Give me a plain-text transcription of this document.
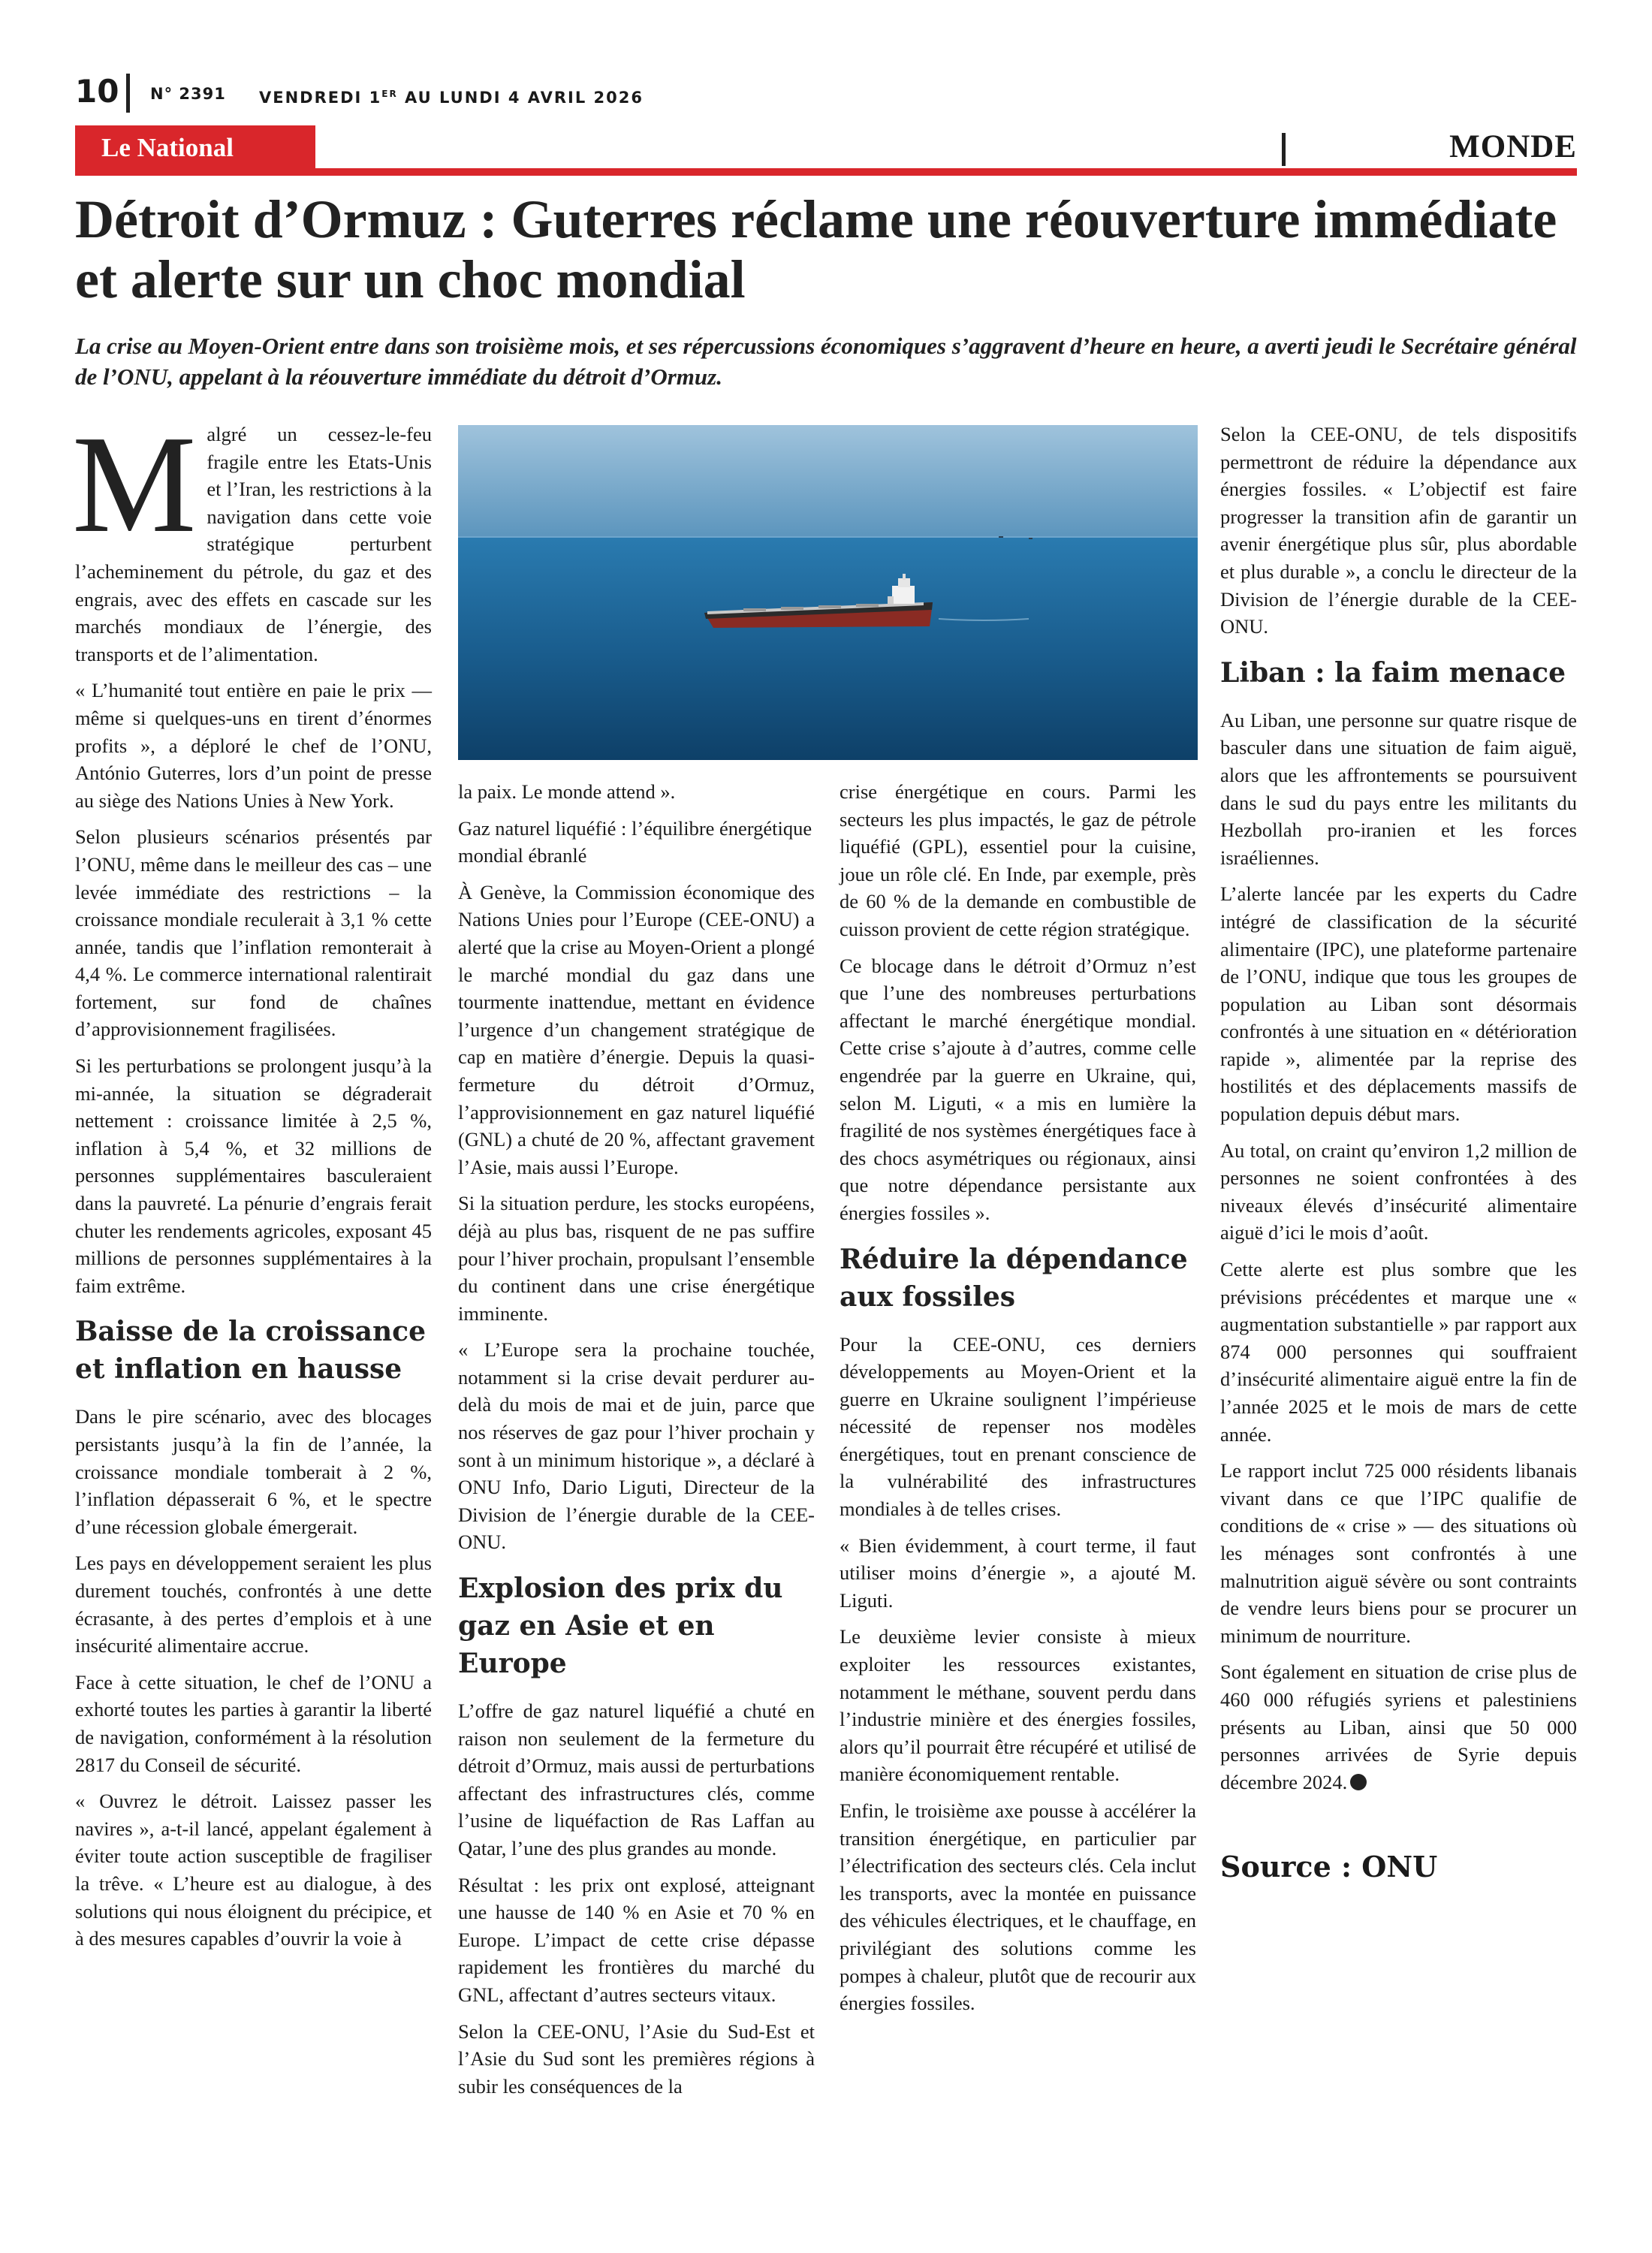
10 N° 2391 VENDREDI 1ER AU LUNDI 4 AVRIL 2026
Le National	MONDE
Détroit d’Ormuz : Guterres réclame une réouverture immédiate et alerte sur un choc mondial

La crise au Moyen-Orient entre dans son troisième mois, et ses répercussions économiques s’aggravent d’heure en heure, a averti jeudi le Secrétaire général de l’ONU, appelant à la réouverture immédiate du détroit d’Ormuz.

Malgré un cessez-le-feu fragile entre les Etats-Unis et l’Iran, les restrictions à la navigation dans cette voie stratégique perturbent l’acheminement du pétrole, du gaz et des engrais, avec des effets en cascade sur les marchés mondiaux de l’énergie, des transports et de l’alimentation.

« L’humanité tout entière en paie le prix — même si quelques-uns en tirent d’énormes profits », a déploré le chef de l’ONU, António Guterres, lors d’un point de presse au siège des Nations Unies à New York.

Selon plusieurs scénarios présentés par l’ONU, même dans le meilleur des cas – une levée immédiate des restrictions – la croissance mondiale reculerait à 3,1 % cette année, tandis que l’inflation remonterait à 4,4 %. Le commerce international ralentirait fortement, sur fond de chaînes d’approvisionnement fragilisées.

Si les perturbations se prolongent jusqu’à la mi-année, la situation se dégraderait nettement : croissance limitée à 2,5 %, inflation à 5,4 %, et 32 millions de personnes supplémentaires basculeraient dans la pauvreté. La pénurie d’engrais ferait chuter les rendements agricoles, exposant 45 millions de personnes supplémentaires à la faim extrême.

Baisse de la croissance et inflation en hausse

Dans le pire scénario, avec des blocages persistants jusqu’à la fin de l’année, la croissance mondiale tomberait à 2 %, l’inflation dépasserait 6 %, et le spectre d’une récession globale émergerait.

Les pays en développement seraient les plus durement touchés, confrontés à une dette écrasante, à des pertes d’emplois et à une insécurité alimentaire accrue.

Face à cette situation, le chef de l’ONU a exhorté toutes les parties à garantir la liberté de navigation, conformément à la résolution 2817 du Conseil de sécurité.

« Ouvrez le détroit. Laissez passer les navires », a-t-il lancé, appelant également à éviter toute action susceptible de fragiliser la trêve. « L’heure est au dialogue, à des solutions qui nous éloignent du précipice, et à des mesures capables d’ouvrir la voie à

la paix. Le monde attend ».

Gaz naturel liquéfié : l’équilibre énergétique mondial ébranlé

À Genève, la Commission économique des Nations Unies pour l’Europe (CEE-ONU) a alerté que la crise au Moyen-Orient a plongé le marché mondial du gaz dans une tourmente inattendue, mettant en évidence l’urgence d’un changement stratégique de cap en matière d’énergie. Depuis la quasi-fermeture du détroit d’Ormuz, l’approvisionnement en gaz naturel liquéfié (GNL) a chuté de 20 %, affectant gravement l’Asie, mais aussi l’Europe.

Si la situation perdure, les stocks européens, déjà au plus bas, risquent de ne pas suffire pour l’hiver prochain, propulsant l’ensemble du continent dans une crise énergétique imminente.

« L’Europe sera la prochaine touchée, notamment si la crise devait perdurer au-delà du mois de mai et de juin, parce que nos réserves de gaz pour l’hiver prochain y sont à un minimum historique », a déclaré à ONU Info, Dario Liguti, Directeur de la Division de l’énergie durable de la CEE-ONU.

Explosion des prix du gaz en Asie et en Europe

L’offre de gaz naturel liquéfié a chuté en raison non seulement de la fermeture du détroit d’Ormuz, mais aussi de perturbations affectant des infrastructures clés, comme l’usine de liquéfaction de Ras Laffan au Qatar, l’une des plus grandes au monde.

Résultat : les prix ont explosé, atteignant une hausse de 140 % en Asie et 70 % en Europe. L’impact de cette crise dépasse rapidement les frontières du marché du GNL, affectant d’autres secteurs vitaux.

Selon la CEE-ONU, l’Asie du Sud-Est et l’Asie du Sud sont les premières régions à subir les conséquences de la

crise énergétique en cours. Parmi les secteurs les plus impactés, le gaz de pétrole liquéfié (GPL), essentiel pour la cuisine, joue un rôle clé. En Inde, par exemple, près de 60 % de la demande en combustible de cuisson provient de cette région stratégique.

Ce blocage dans le détroit d’Ormuz n’est que l’une des nombreuses perturbations affectant le marché énergétique mondial. Cette crise s’ajoute à d’autres, comme celle engendrée par la guerre en Ukraine, qui, selon M. Liguti, « a mis en lumière la fragilité de nos systèmes énergétiques face à des chocs asymétriques ou régionaux, ainsi que notre dépendance persistante aux énergies fossiles ».

Réduire la dépendance aux fossiles

Pour la CEE-ONU, ces derniers développements au Moyen-Orient et la guerre en Ukraine soulignent l’impérieuse nécessité de repenser nos modèles énergétiques, tout en prenant conscience de la vulnérabilité des infrastructures mondiales à de telles crises.

« Bien évidemment, à court terme, il faut utiliser moins d’énergie », a ajouté M. Liguti.

Le deuxième levier consiste à mieux exploiter les ressources existantes, notamment le méthane, souvent perdu dans l’industrie minière et des énergies fossiles, alors qu’il pourrait être récupéré et utilisé de manière économiquement rentable.

Enfin, le troisième axe pousse à accélérer la transition énergétique, en particulier par l’électrification des secteurs clés. Cela inclut les transports, avec la montée en puissance des véhicules électriques, et le chauffage, en privilégiant des solutions comme les pompes à chaleur, plutôt que de recourir aux énergies fossiles.

Selon la CEE-ONU, de tels dispositifs permettront de réduire la dépendance aux énergies fossiles. « L’objectif est faire progresser la transition afin de garantir un avenir énergétique plus sûr, plus abordable et plus durable », a conclu le directeur de la Division de l’énergie durable de la CEE-ONU.

Liban : la faim menace

Au Liban, une personne sur quatre risque de basculer dans une situation de faim aiguë, alors que les affrontements se poursuivent dans le sud du pays entre les militants du Hezbollah pro-iranien et les forces israéliennes.

L’alerte lancée par les experts du Cadre intégré de classification de la sécurité alimentaire (IPC), une plateforme partenaire de l’ONU, indique que tous les groupes de population au Liban sont désormais confrontés à une situation en « détérioration rapide », alimentée par la reprise des hostilités et des déplacements massifs de population depuis début mars.

Au total, on craint qu’environ 1,2 million de personnes ne soient confrontées à des niveaux élevés d’insécurité alimentaire aiguë d’ici le mois d’août.

Cette alerte est plus sombre que les prévisions précédentes et marque une « augmentation substantielle » par rapport aux 874 000 personnes qui souffraient d’insécurité alimentaire aiguë entre la fin de l’année 2025 et le mois de mars de cette année.

Le rapport inclut 725 000 résidents libanais vivant dans ce que l’IPC qualifie de conditions de « crise » — des situations où les ménages sont confrontés à une malnutrition aiguë sévère ou sont contraints de vendre leurs biens pour se procurer un minimum de nourriture.

Sont également en situation de crise plus de 460 000 réfugiés syriens et palestiniens présents au Liban, ainsi que 50 000 personnes arrivées de Syrie depuis décembre 2024.

Source : ONU
